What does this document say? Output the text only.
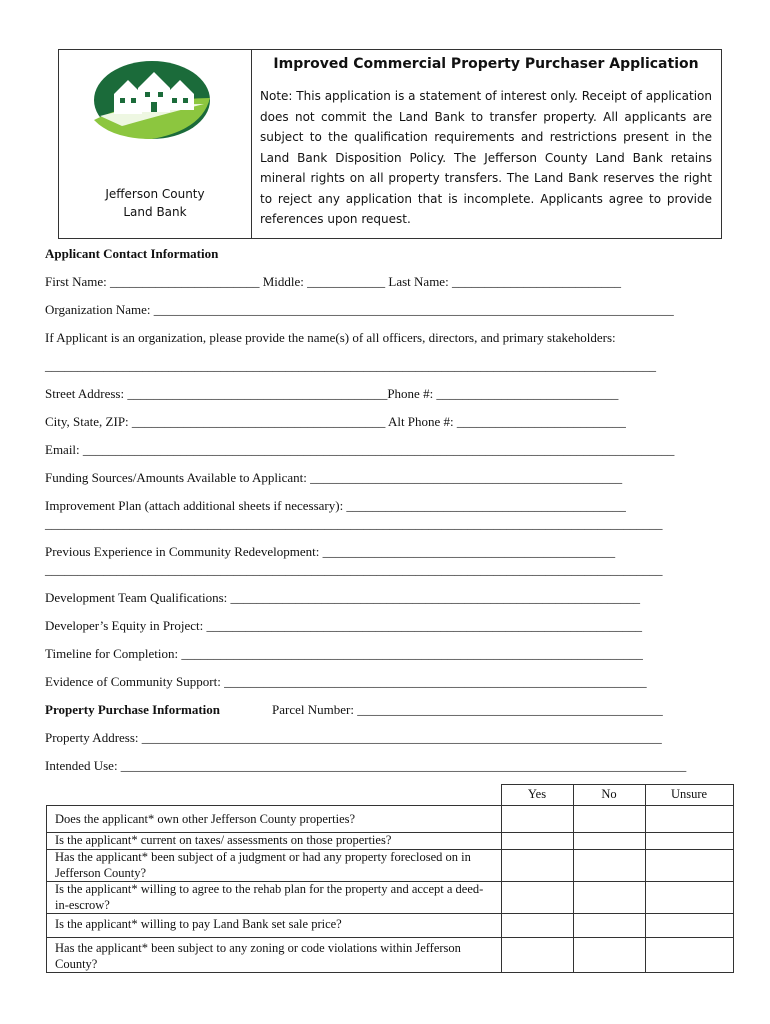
Jefferson County
Land Bank

Improved Commercial Property Purchaser Application

Note: This application is a statement of interest only. Receipt of application does not commit the Land Bank to transfer property. All applicants are subject to the qualification requirements and restrictions present in the Land Bank Disposition Policy. The Jefferson County Land Bank retains mineral rights on all property transfers. The Land Bank reserves the right to reject any application that is incomplete. Applicants agree to provide references upon request.

Applicant Contact Information
First Name: _______________________ Middle: ____________ Last Name: __________________________
Organization Name: ________________________________________________________________________________
If Applicant is an organization, please provide the name(s) of all officers, directors, and primary stakeholders:
______________________________________________________________________________________________
Street Address: ________________________________________Phone #: ____________________________
City, State, ZIP: _______________________________________ Alt Phone #: __________________________
Email: ___________________________________________________________________________________________
Funding Sources/Amounts Available to Applicant: ________________________________________________
Improvement Plan (attach additional sheets if necessary): ___________________________________________
_______________________________________________________________________________________________
Previous Experience in Community Redevelopment: _____________________________________________
_______________________________________________________________________________________________
Development Team Qualifications: _______________________________________________________________
Developer’s Equity in Project: ___________________________________________________________________
Timeline for Completion: _______________________________________________________________________
Evidence of Community Support: _________________________________________________________________
Property Purchase Information	Parcel Number: _______________________________________________
Property Address: ________________________________________________________________________________
Intended Use: _______________________________________________________________________________________
	Yes	No	Unsure
Does the applicant* own other Jefferson County properties?			
Is the applicant* current on taxes/ assessments on those properties?			
Has the applicant* been subject of a judgment or had any property foreclosed on in Jefferson County?			
Is the applicant* willing to agree to the rehab plan for the property and accept a deed-in-escrow?			
Is the applicant* willing to pay Land Bank set sale price?			
Has the applicant* been subject to any zoning or code violations within Jefferson County?			
